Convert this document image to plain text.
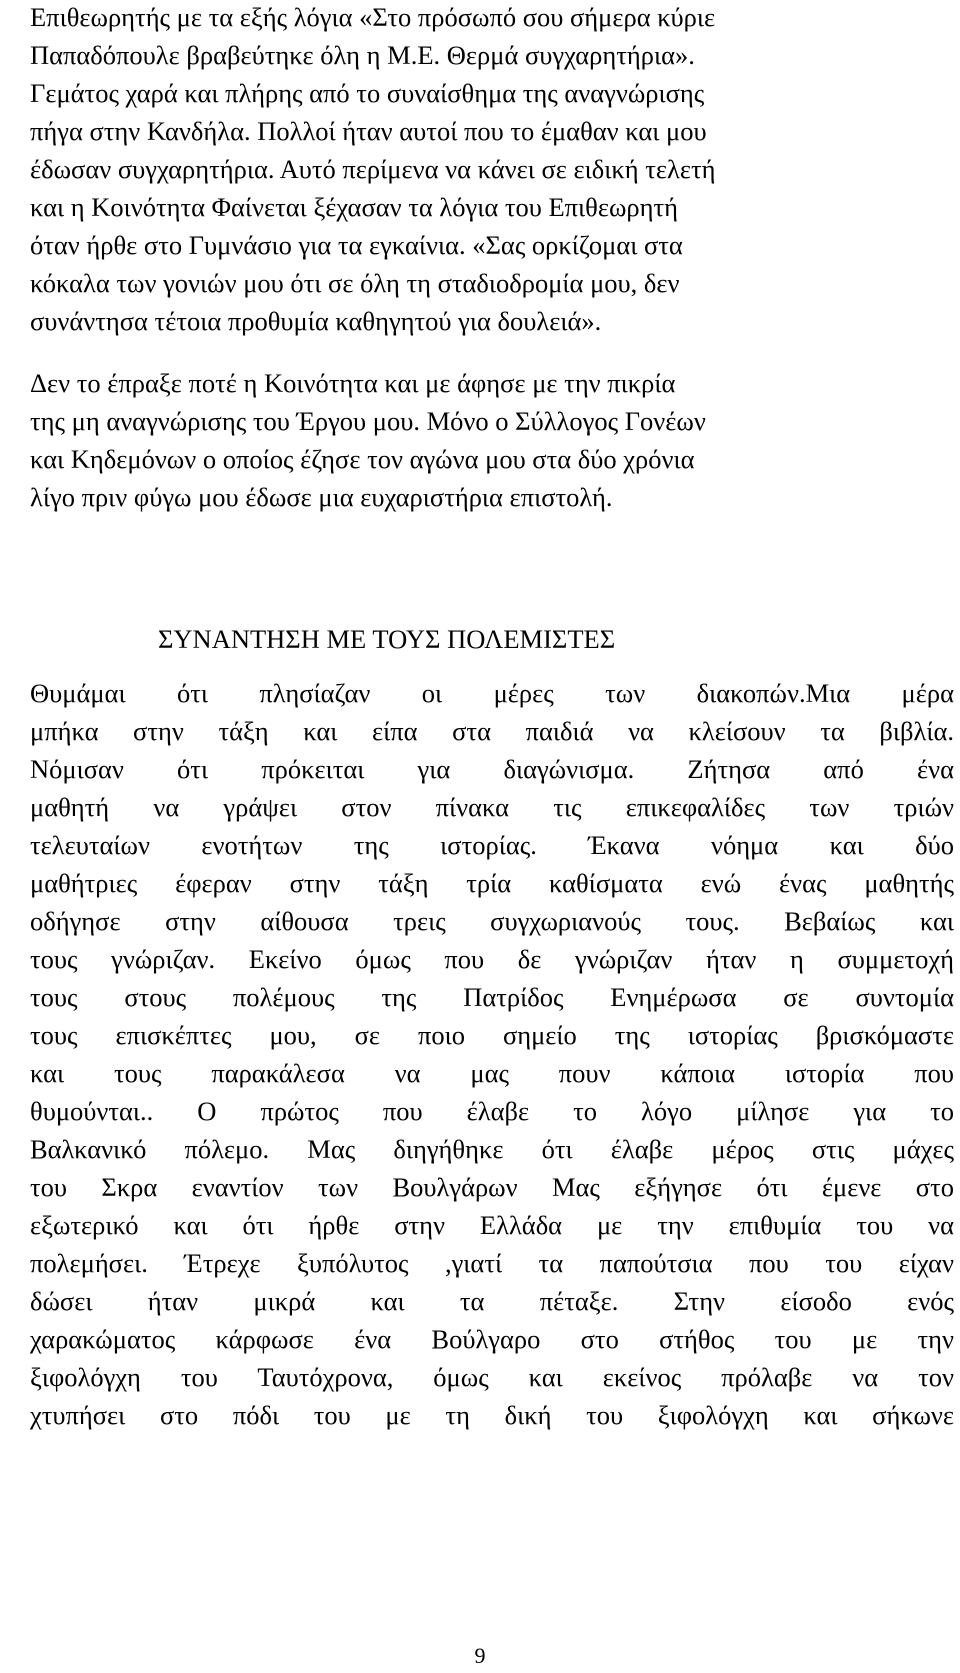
Επιθεωρητής με τα εξής λόγια «Στο πρόσωπό σου σήμερα κύριε
Παπαδόπουλε βραβεύτηκε όλη η Μ.Ε. Θερμά συγχαρητήρια».
Γεμάτος χαρά και πλήρης από το συναίσθημα της αναγνώρισης
πήγα στην Κανδήλα. Πολλοί ήταν αυτοί που το έμαθαν και μου
έδωσαν συγχαρητήρια. Αυτό περίμενα να κάνει σε ειδική τελετή
και η Κοινότητα Φαίνεται ξέχασαν τα λόγια του Επιθεωρητή
όταν ήρθε στο Γυμνάσιο για τα εγκαίνια. «Σας ορκίζομαι στα
κόκαλα των γονιών μου ότι σε όλη τη σταδιοδρομία μου, δεν
συνάντησα τέτοια προθυμία καθηγητού για δουλειά».
Δεν το έπραξε ποτέ η Κοινότητα και με άφησε με την πικρία
της μη αναγνώρισης του Έργου μου. Μόνο ο Σύλλογος Γονέων
και Κηδεμόνων ο οποίος έζησε τον αγώνα μου στα δύο χρόνια
λίγο πριν φύγω μου έδωσε μια ευχαριστήρια επιστολή.
ΣΥΝΑΝΤΗΣΗ ΜΕ ΤΟΥΣ ΠΟΛΕΜΙΣΤΕΣ
Θυμάμαι ότι πλησίαζαν οι μέρες των διακοπών.Μια μέρα
μπήκα στην τάξη και είπα στα παιδιά να κλείσουν τα βιβλία.
Νόμισαν ότι πρόκειται για διαγώνισμα. Ζήτησα από ένα
μαθητή να γράψει στον πίνακα τις επικεφαλίδες των τριών
τελευταίων ενοτήτων της ιστορίας. Έκανα νόημα και δύο
μαθήτριες έφεραν στην τάξη τρία καθίσματα ενώ ένας μαθητής
οδήγησε στην αίθουσα τρεις συγχωριανούς τους. Βεβαίως και
τους γνώριζαν. Εκείνο όμως που δε γνώριζαν ήταν η συμμετοχή
τους στους πολέμους της Πατρίδος Ενημέρωσα σε συντομία
τους επισκέπτες μου, σε ποιο σημείο της ιστορίας βρισκόμαστε
και τους παρακάλεσα να μας πουν κάποια ιστορία που
θυμούνται.. Ο πρώτος που έλαβε το λόγο μίλησε για το
Βαλκανικό πόλεμο. Μας διηγήθηκε ότι έλαβε μέρος στις μάχες
του Σκρα εναντίον των Βουλγάρων Μας εξήγησε ότι έμενε στο
εξωτερικό και ότι ήρθε στην Ελλάδα με την επιθυμία του να
πολεμήσει. Έτρεχε ξυπόλυτος ,γιατί τα παπούτσια που του είχαν
δώσει ήταν μικρά και τα πέταξε. Στην είσοδο ενός
χαρακώματος κάρφωσε ένα Βούλγαρο στο στήθος του με την
ξιφολόγχη του Ταυτόχρονα, όμως και εκείνος πρόλαβε να τον
χτυπήσει στο πόδι του με τη δική του ξιφολόγχη και σήκωνε
9
